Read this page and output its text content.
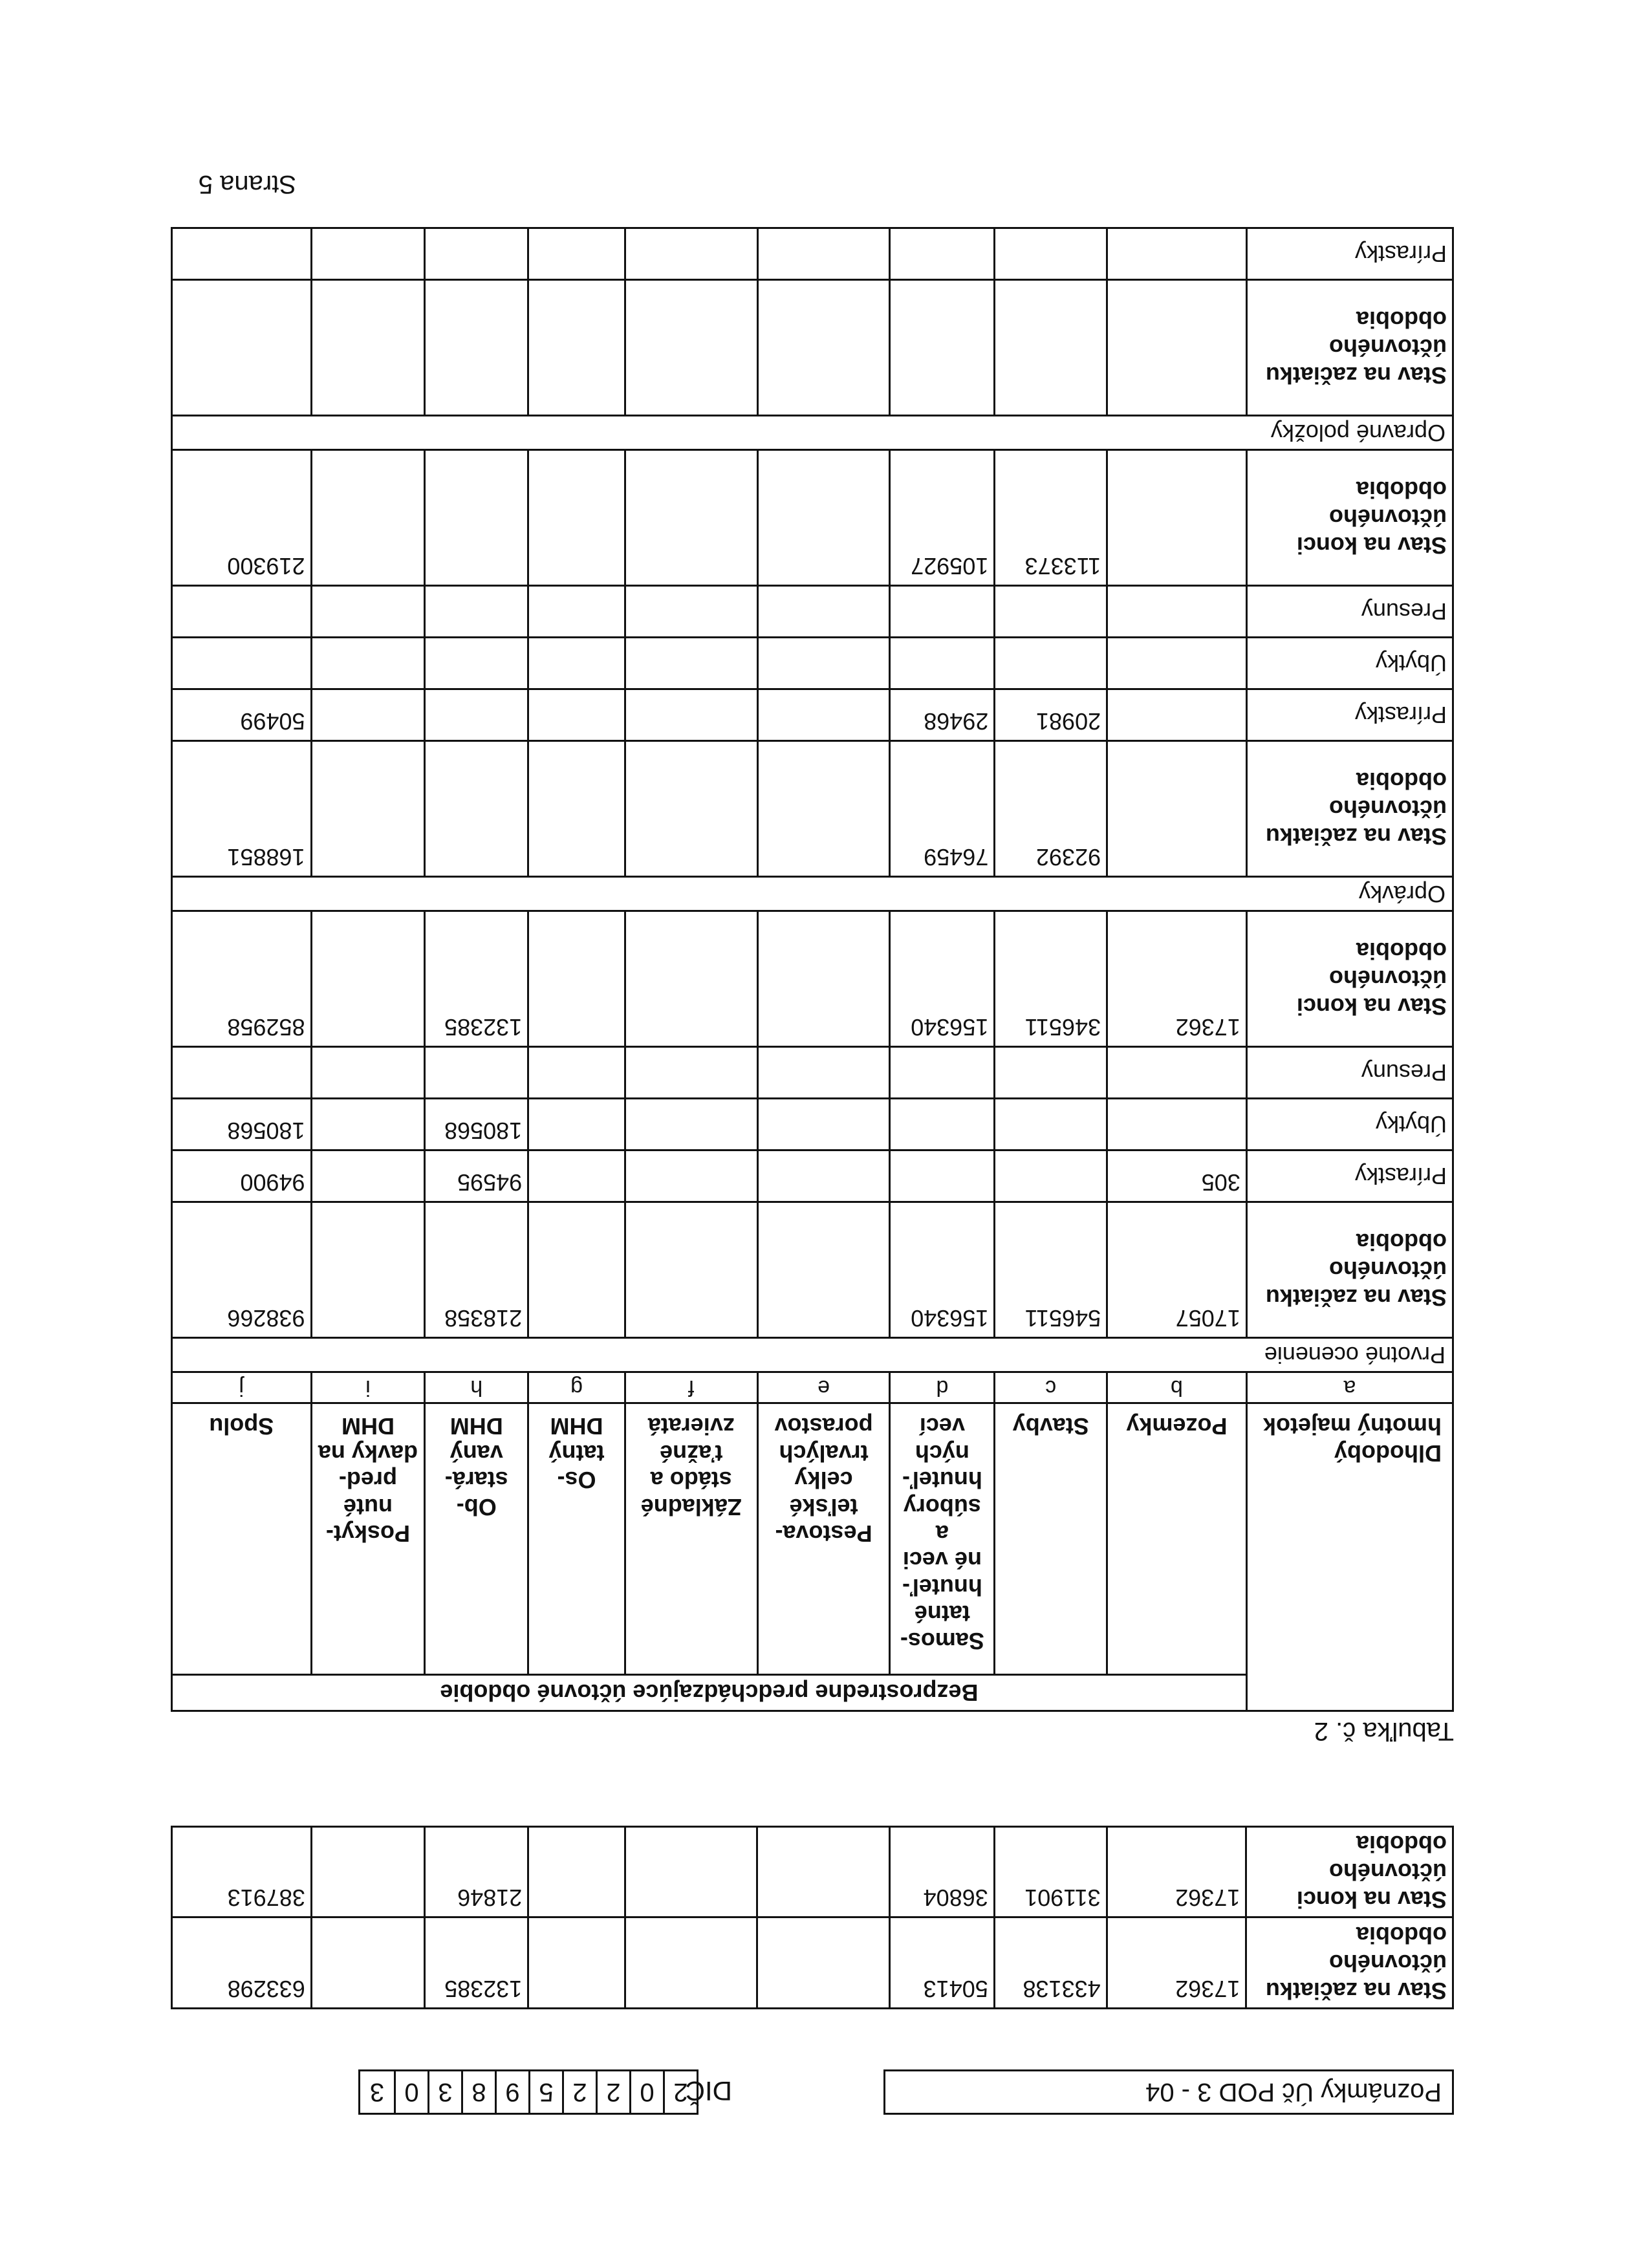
Poznámky Úč POD 3 - 04
DIČ
2
0
2
2
5
9
8
3
0
3
Stav na začiatku účtovného obdobia	17362	433138	50413				132385		633298
Stav na konci účtovného obdobia	17362	311901	36804				21846		387913
Tabuľka č. 2
Dlhodobý hmotný majetok	Bezprostredne predchádzajúce účtovné obdobie								
	Pozemky	Stavby	Samos-tatné hnuteľ-né veci a súbory hnuteľ-ných vecí	Pestova-teľské celky trvalých porastov	Základné stádo a ťažné zvieratá	Os-tatný DHM	Ob-stará-vaný DHM	Poskyt-nuté pred-davky na DHM	Spolu
a	b	c	d	e	f	g	h	i	j
Prvotné ocenenie									
Stav na začiatku účtovného obdobia	17057	546511	156340				218358		938266
Prírastky	305						94595		94900
Úbytky							180568		180568
Presuny									
Stav na konci účtovného obdobia	17362	346511	156340				132385		852958
Oprávky									
Stav na začiatku účtovného obdobia		92392	76459						168851
Prírastky		20981	29468						50499
Úbytky									
Presuny									
Stav na konci účtovného obdobia		113373	105927						219300
Opravné položky									
Stav na začiatku účtovného obdobia									
Prírastky									
Strana 5
